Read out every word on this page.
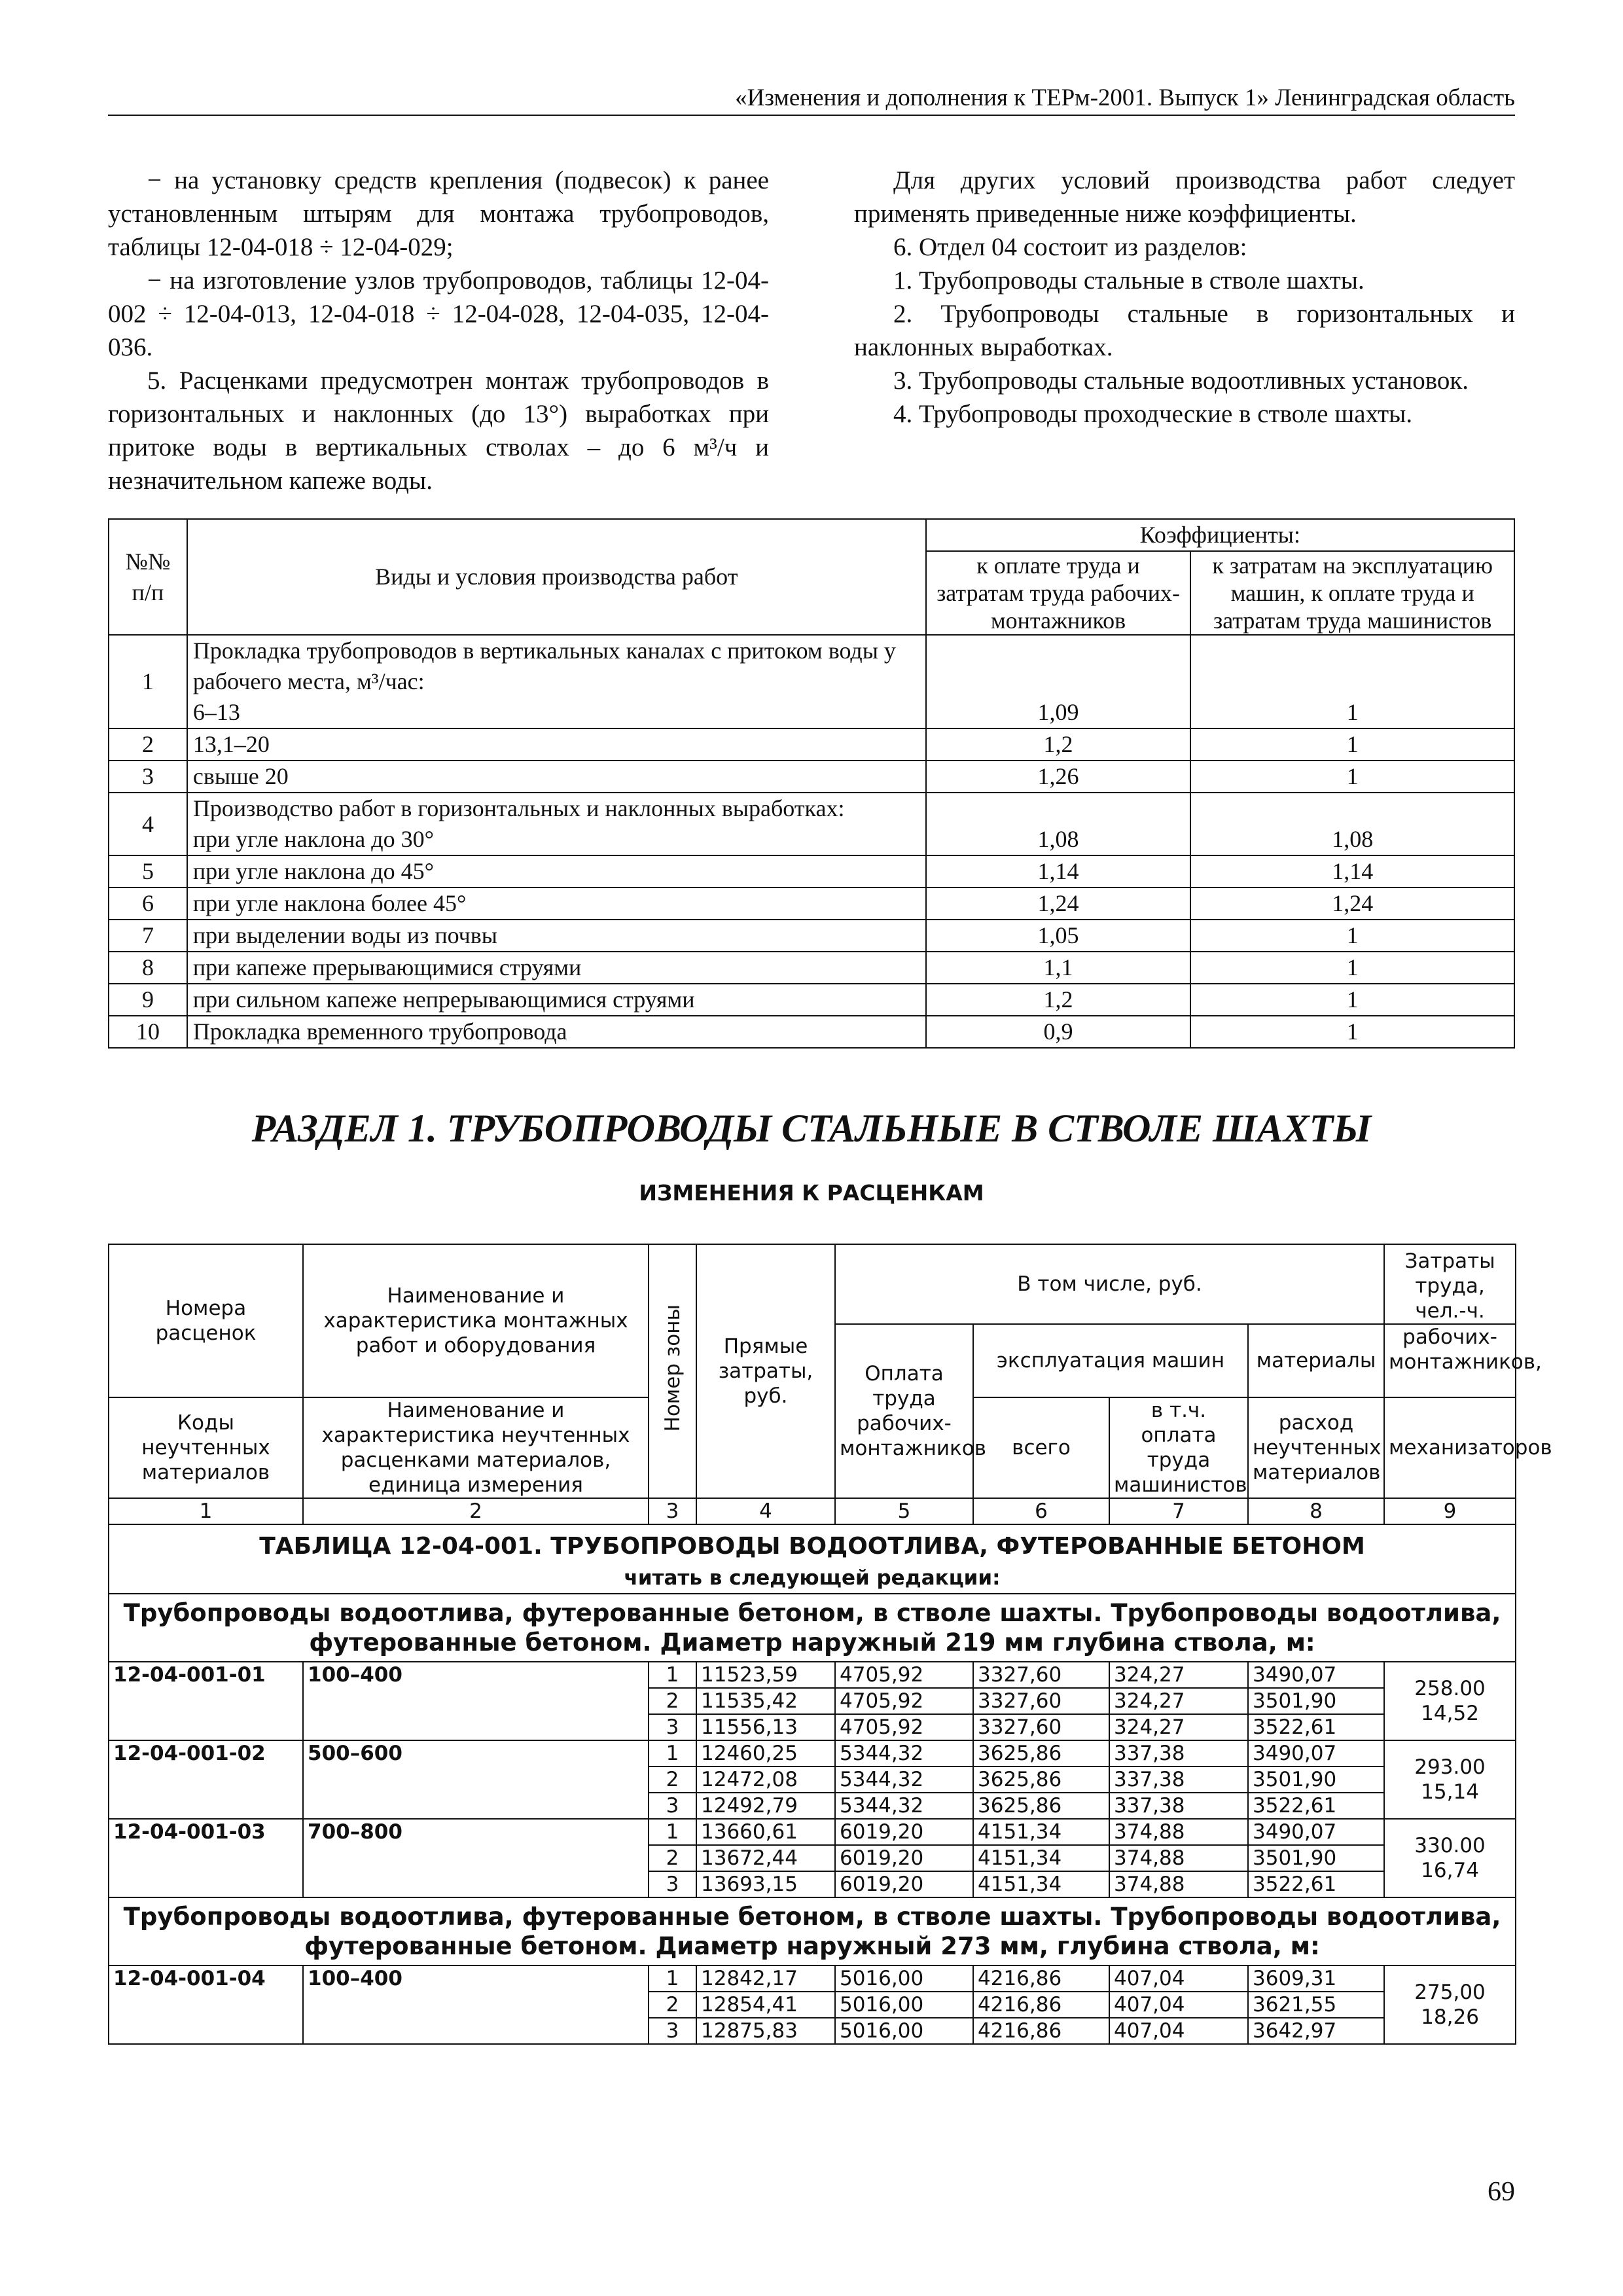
«Изменения и дополнения к ТЕРм-2001. Выпуск 1» Ленинградская область

− на установку средств крепления (подвесок) к ранее установленным штырям для монтажа трубопроводов, таблицы 12-04-018 ÷ 12-04-029;

− на изготовление узлов трубопроводов, таблицы 12-04-002 ÷ 12-04-013, 12-04-018 ÷ 12-04-028, 12-04-035, 12-04-036.

5. Расценками предусмотрен монтаж трубопроводов в горизонтальных и наклонных (до 13°) выработках при притоке воды в вертикальных стволах – до 6 м³/ч и незначительном капеже воды.

Для других условий производства работ следует применять приведенные ниже коэффициенты.

6. Отдел 04 состоит из разделов:

1. Трубопроводы стальные в стволе шахты.

2. Трубопроводы стальные в горизонтальных и наклонных выработках.

3. Трубопроводы стальные водоотливных установок.

4. Трубопроводы проходческие в стволе шахты.

№№ п/п	Виды и условия производства работ	Коэффициенты:	
		к оплате труда и затратам труда рабочих-монтажников	к затратам на эксплуатацию машин, к оплате труда и затратам труда машинистов
1	Прокладка трубопроводов в вертикальных каналах с притоком воды у рабочего места, м³/час:
6–13	1,09	1
2	13,1–20	1,2	1
3	свыше 20	1,26	1
4	Производство работ в горизонтальных и наклонных выработках:
при угле наклона до 30°	1,08	1,08
5	при угле наклона до 45°	1,14	1,14
6	при угле наклона более 45°	1,24	1,24
7	при выделении воды из почвы	1,05	1
8	при капеже прерывающимися струями	1,1	1
9	при сильном капеже непрерывающимися струями	1,2	1
10	Прокладка временного трубопровода	0,9	1
РАЗДЕЛ 1. ТРУБОПРОВОДЫ СТАЛЬНЫЕ В СТВОЛЕ ШАХТЫ
ИЗМЕНЕНИЯ К РАСЦЕНКАМ
Номера расценок	Наименование и характеристика монтажных работ и оборудования	Номер зоны	Прямые затраты, руб.	В том числе, руб.				Затраты труда, чел.-ч.
				Оплата труда рабочих-монтажников	эксплуатация машин		материалы	рабочих-монтажников,
Коды неучтенных материалов	Наименование и характеристика неучтенных расценками материалов, единица измерения				всего	в т.ч. оплата труда машинистов	расход неучтенных материалов	
								механизаторов
1	2	3	4	5	6	7	8	9

ТАБЛИЦА 12-04-001. ТРУБОПРОВОДЫ ВОДООТЛИВА, ФУТЕРОВАННЫЕ БЕТОНОМ
читать в следующей редакции:								

Трубопроводы водоотлива, футерованные бетоном, в стволе шахты. Трубопроводы водоотлива, футерованные бетоном. Диаметр наружный 219 мм глубина ствола, м:								
12-04-001-01	100–400	1	11523,59	4705,92	3327,60	324,27	3490,07	258.00
14,52

		2	11535,42	4705,92	3327,60	324,27	3501,90	
		3	11556,13	4705,92	3327,60	324,27	3522,61	
12-04-001-02	500–600	1	12460,25	5344,32	3625,86	337,38	3490,07	293.00
15,14

		2	12472,08	5344,32	3625,86	337,38	3501,90	
		3	12492,79	5344,32	3625,86	337,38	3522,61	
12-04-001-03	700–800	1	13660,61	6019,20	4151,34	374,88	3490,07	330.00
16,74

		2	13672,44	6019,20	4151,34	374,88	3501,90	
		3	13693,15	6019,20	4151,34	374,88	3522,61	
Трубопроводы водоотлива, футерованные бетоном, в стволе шахты. Трубопроводы водоотлива, футерованные бетоном. Диаметр наружный 273 мм, глубина ствола, м:								
12-04-001-04	100–400	1	12842,17	5016,00	4216,86	407,04	3609,31	275,00
18,26

		2	12854,41	5016,00	4216,86	407,04	3621,55	
		3	12875,83	5016,00	4216,86	407,04	3642,97	
69
